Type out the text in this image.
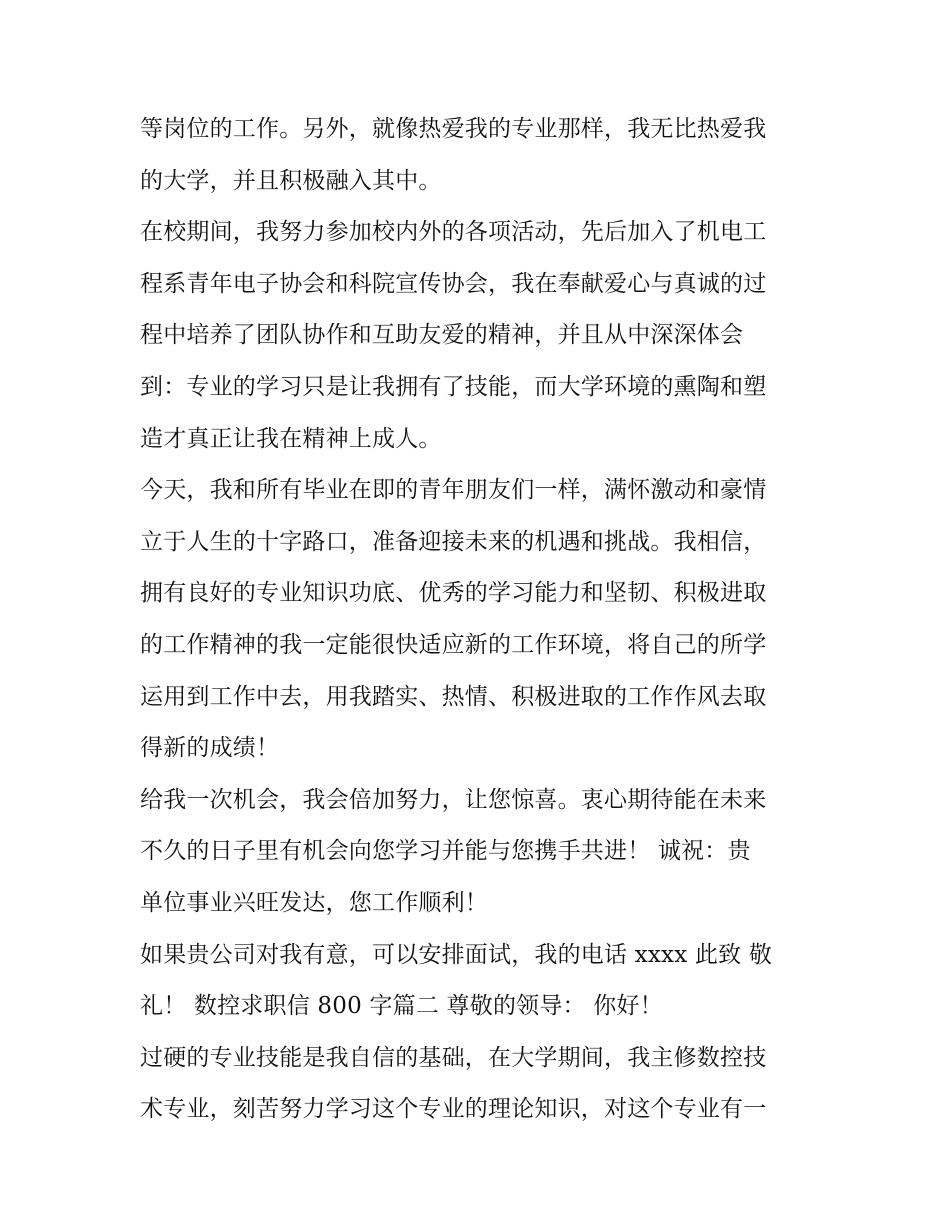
等岗位的工作。另外，就像热爱我的专业那样，我无比热爱我
的大学，并且积极融入其中。
在校期间，我努力参加校内外的各项活动，先后加入了机电工
程系青年电子协会和科院宣传协会，我在奉献爱心与真诚的过
程中培养了团队协作和互助友爱的精神，并且从中深深体会
到：专业的学习只是让我拥有了技能，而大学环境的熏陶和塑
造才真正让我在精神上成人。
今天，我和所有毕业在即的青年朋友们一样，满怀激动和豪情
立于人生的十字路口，准备迎接未来的机遇和挑战。我相信，
拥有良好的专业知识功底、优秀的学习能力和坚韧、积极进取
的工作精神的我一定能很快适应新的工作环境，将自己的所学
运用到工作中去，用我踏实、热情、积极进取的工作作风去取
得新的成绩！
给我一次机会，我会倍加努力，让您惊喜。衷心期待能在未来
不久的日子里有机会向您学习并能与您携手共进！ 诚祝：贵
单位事业兴旺发达，您工作顺利！
如果贵公司对我有意，可以安排面试，我的电话 xxxx 此致 敬
礼！ 数控求职信 800 字篇二 尊敬的领导： 你好！
过硬的专业技能是我自信的基础，在大学期间，我主修数控技
术专业，刻苦努力学习这个专业的理论知识，对这个专业有一
